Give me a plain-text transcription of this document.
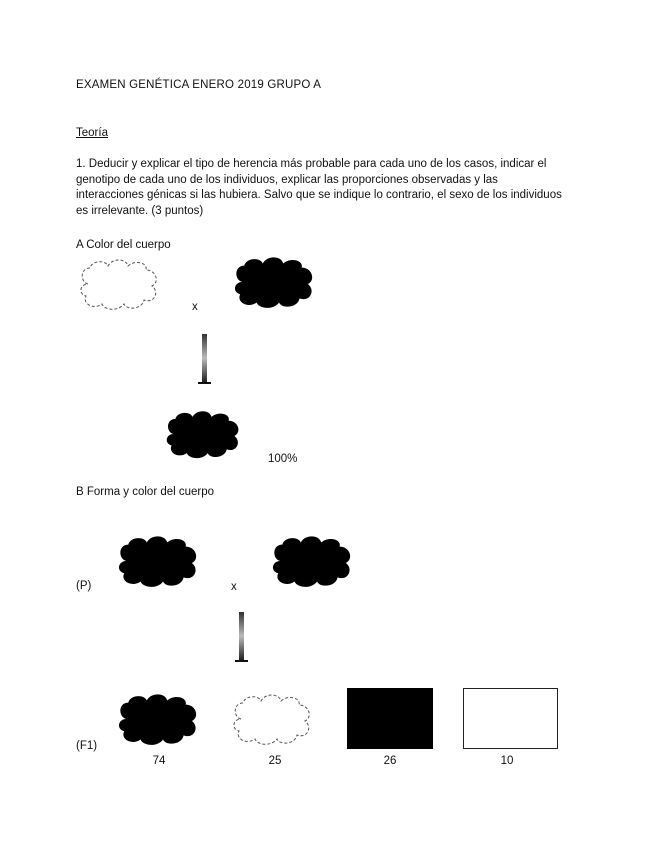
EXAMEN GENÉTICA ENERO 2019 GRUPO A
Teoría

1. Deducir y explicar el tipo de herencia más probable para cada uno de los casos, indicar el

genotipo de cada uno de los individuos, explicar las proporciones observadas y las

interacciones génicas si las hubiera. Salvo que se indique lo contrario, el sexo de los individuos

es irrelevante. (3 puntos)

A Color del cuerpo
x
100%
B Forma y color del cuerpo
(P)	x
(F1)
74	25	26	10
